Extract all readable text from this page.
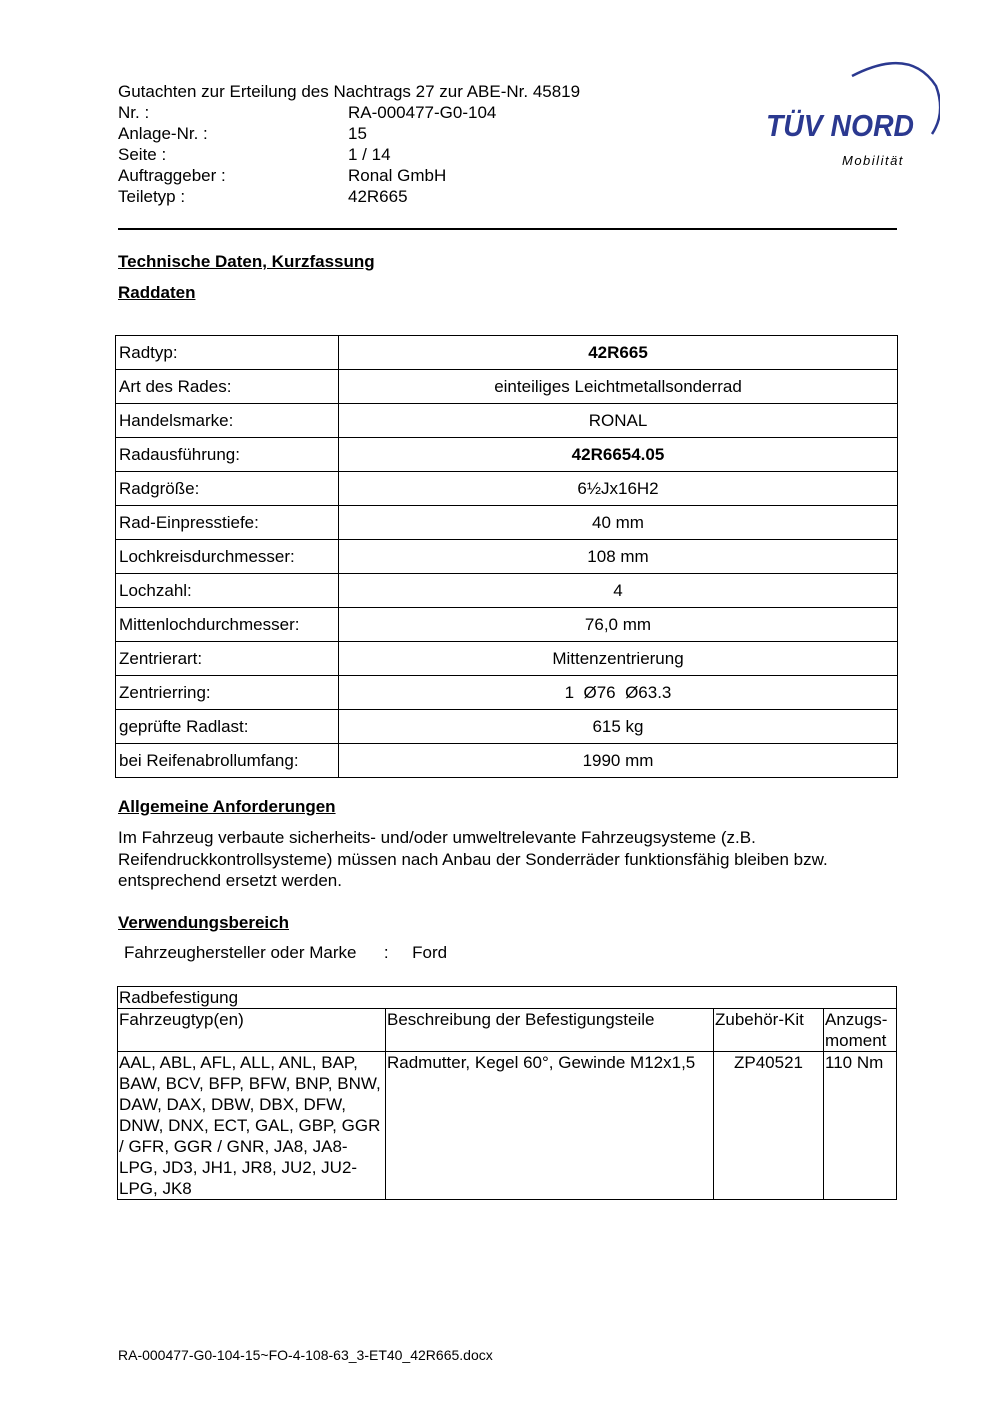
Gutachten zur Erteilung des Nachtrags 27 zur ABE-Nr. 45819
Nr. :	RA-000477-G0-104
Anlage-Nr. :	15
Seite :	1 / 14
Auftraggeber :	Ronal GmbH
Teiletyp :	42R665
TÜV NORD
Mobilität
Technische Daten, Kurzfassung
Raddaten
Radtyp:	42R665
Art des Rades:	einteiliges Leichtmetallsonderrad
Handelsmarke:	RONAL
Radausführung:	42R6654.05
Radgröße:	6½Jx16H2
Rad-Einpresstiefe:	40 mm
Lochkreisdurchmesser:	108 mm
Lochzahl:	4
Mittenlochdurchmesser:	76,0 mm
Zentrierart:	Mittenzentrierung
Zentrierring:	1  Ø76  Ø63.3
geprüfte Radlast:	615 kg
bei Reifenabrollumfang:	1990 mm
Allgemeine Anforderungen
Im Fahrzeug verbaute sicherheits- und/oder umweltrelevante Fahrzeugsysteme (z.B. Reifendruckkontrollsysteme) müssen nach Anbau der Sonderräder funktionsfähig bleiben bzw. entsprechend ersetzt werden.
Verwendungsbereich
Fahrzeughersteller oder Marke : Ford
Radbefestigung			
Fahrzeugtyp(en)	Beschreibung der Befestigungsteile	Zubehör-Kit	Anzugs-moment
AAL, ABL, AFL, ALL, ANL, BAP, BAW, BCV, BFP, BFW, BNP, BNW, DAW, DAX, DBW, DBX, DFW, DNW, DNX, ECT, GAL, GBP, GGR / GFR, GGR / GNR, JA8, JA8-LPG, JD3, JH1, JR8, JU2, JU2-LPG, JK8	Radmutter, Kegel 60°, Gewinde M12x1,5	ZP40521	110 Nm
RA-000477-G0-104-15~FO-4-108-63_3-ET40_42R665.docx
